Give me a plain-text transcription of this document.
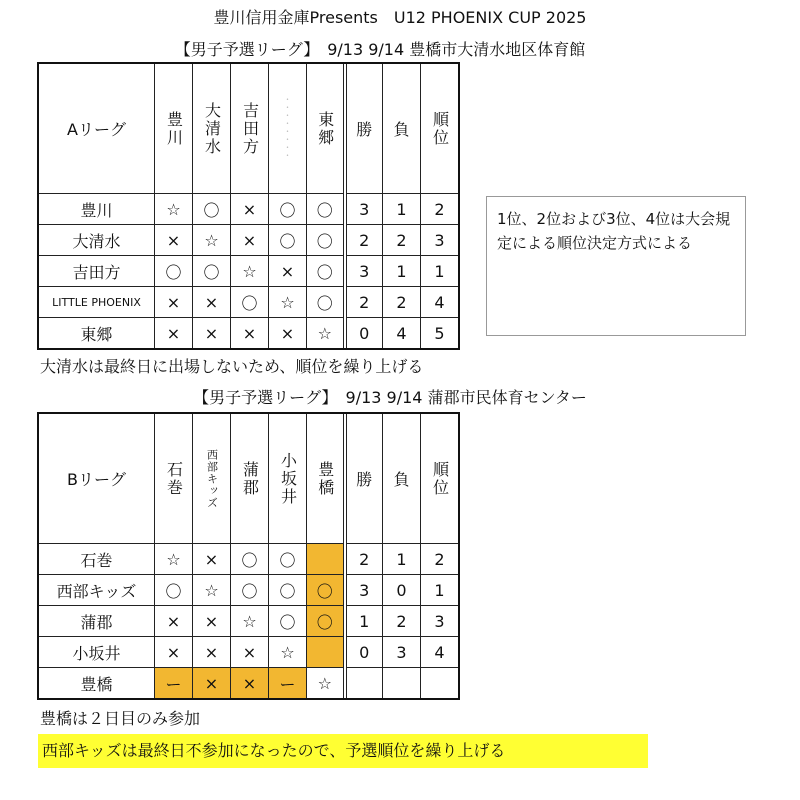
豊川信用金庫Presents　U12 PHOENIX CUP 2025
【男子予選リーグ】　9/13 9/14 豊橋市大清水地区体育館
Aリーグ	豊川	大清水	吉田方	・・・・・・・・	東郷	勝	負	順位
豊川	☆	〇	×	〇	〇	3	1	2
大清水	×	☆	×	〇	〇	2	2	3
吉田方	〇	〇	☆	×	〇	3	1	1
LITTLE PHOENIX	×	×	〇	☆	〇	2	2	4
東郷	×	×	×	×	☆	0	4	5
1位、2位および3位、4位は大会規定による順位決定方式による
大清水は最終日に出場しないため、順位を繰り上げる
【男子予選リーグ】　9/13 9/14 蒲郡市民体育センター
Bリーグ	石巻	西部キッズ	蒲郡	小坂井	豊橋	勝	負	順位
石巻	☆	×	〇	〇		2	1	2
西部キッズ	〇	☆	〇	〇	〇	3	0	1
蒲郡	×	×	☆	〇	〇	1	2	3
小坂井	×	×	×	☆		0	3	4
豊橋	ー	×	×	ー	☆			
豊橋は２日目のみ参加
西部キッズは最終日不参加になったので、予選順位を繰り上げる
